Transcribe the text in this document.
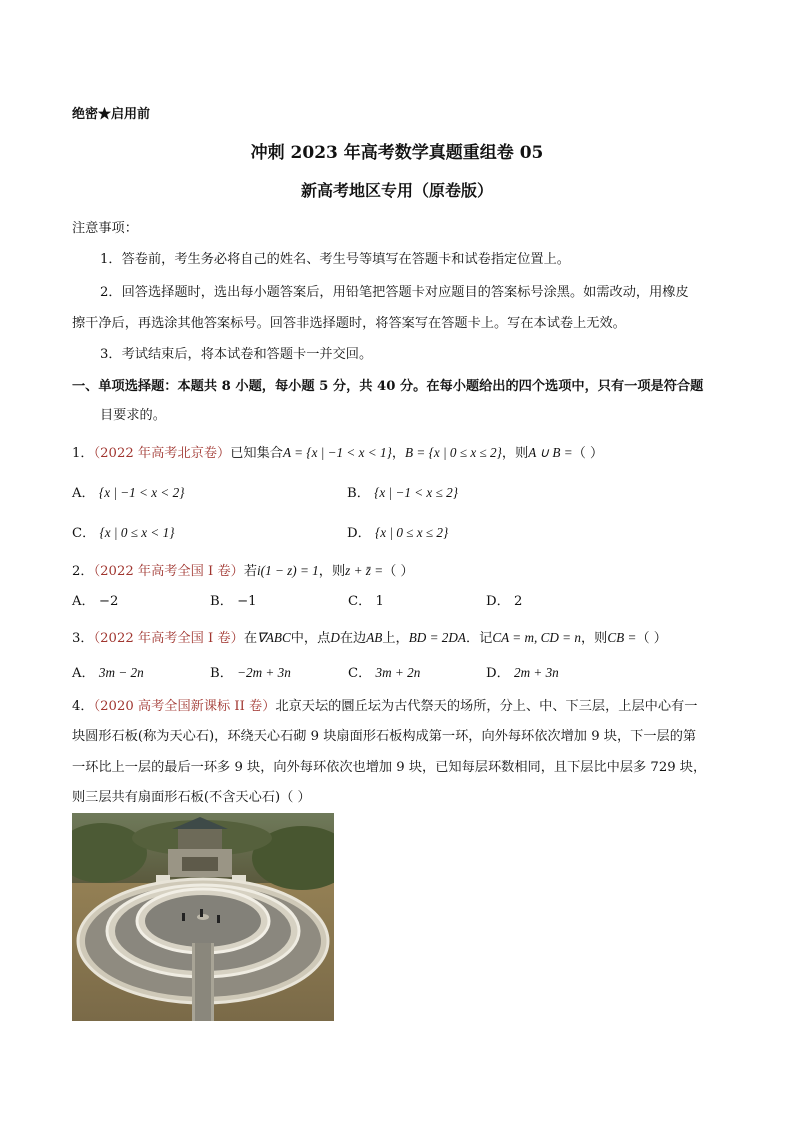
绝密★启用前
冲刺 2023 年高考数学真题重组卷 05
新高考地区专用（原卷版）
注意事项：
1．答卷前，考生务必将自己的姓名、考生号等填写在答题卡和试卷指定位置上。
2．回答选择题时，选出每小题答案后，用铅笔把答题卡对应题目的答案标号涂黑。如需改动，用橡皮
擦干净后，再选涂其他答案标号。回答非选择题时，将答案写在答题卡上。写在本试卷上无效。
3．考试结束后，将本试卷和答题卡一并交回。
一、单项选择题：本题共 8 小题，每小题 5 分，共 40 分。在每小题给出的四个选项中，只有一项是符合题
目要求的。
1．（2022 年高考北京卷）已知集合A = {x | −1 < x < 1}，B = {x | 0 ≤ x ≤ 2}，则A ∪ B =（ ）
A． {x | −1 < x < 2}	B． {x | −1 < x ≤ 2}
C． {x | 0 ≤ x < 1}	D． {x | 0 ≤ x ≤ 2}
2．（2022 年高考全国 I 卷）若i(1 − z) = 1，则z + z̄ =（ ）
A． −2	B． −1	C． 1	D． 2
3．（2022 年高考全国 I 卷）在∇ABC中，点D在边AB上，BD = 2DA．记CA = m, CD = n，则CB =（ ）
A． 3m − 2n	B． −2m + 3n	C． 3m + 2n	D． 2m + 3n
4．（2020 高考全国新课标 II 卷）北京天坛的圜丘坛为古代祭天的场所，分上、中、下三层，上层中心有一
块圆形石板(称为天心石)，环绕天心石砌 9 块扇面形石板构成第一环，向外每环依次增加 9 块，下一层的第
一环比上一层的最后一环多 9 块，向外每环依次也增加 9 块，已知每层环数相同，且下层比中层多 729 块，
则三层共有扇面形石板(不含天心石)（ ）
